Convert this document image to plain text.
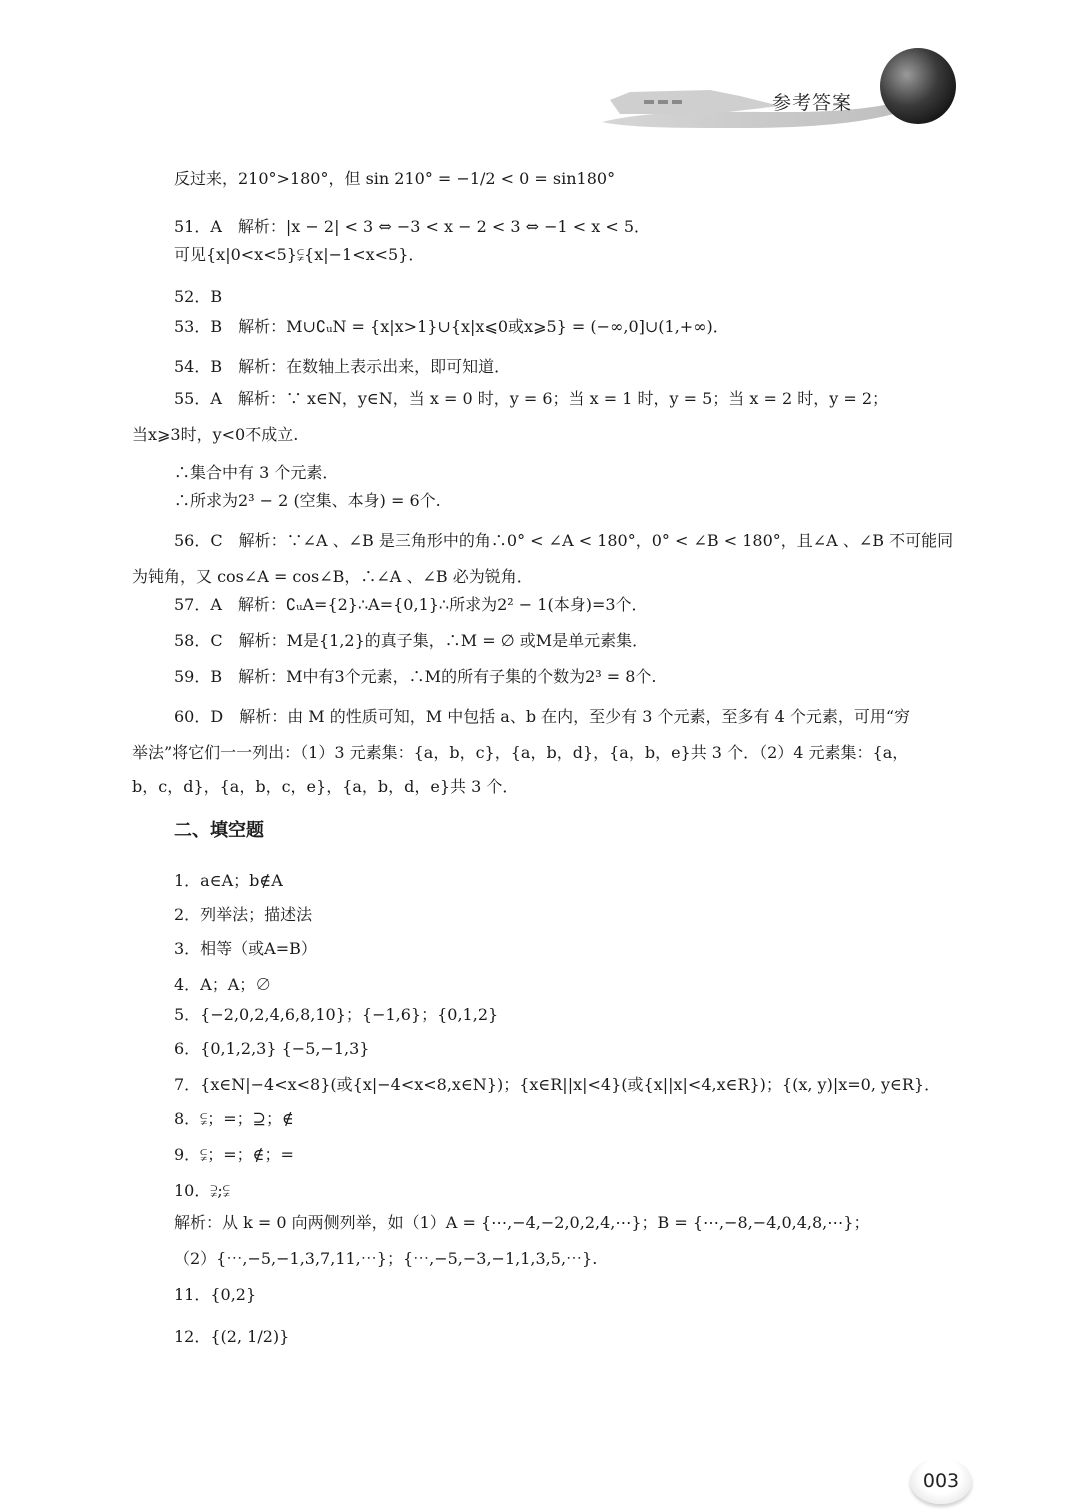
参考答案
反过来，210°>180°，但 sin 210° = −1/2 < 0 = sin180°
51．A　解析：|x − 2| < 3 ⇔ −3 < x − 2 < 3 ⇔ −1 < x < 5．
可见{x|0<x<5}⫋{x|−1<x<5}．
52．B
53．B　解析：M∪∁ᵤN = {x|x>1}∪{x|x⩽0或x⩾5} = (−∞,0]∪(1,+∞)．
54．B　解析：在数轴上表示出来，即可知道．
55．A　解析：∵ x∈N，y∈N，当 x = 0 时，y = 6；当 x = 1 时，y = 5；当 x = 2 时，y = 2；
当x⩾3时，y<0不成立.
∴集合中有 3 个元素．
∴所求为2³ − 2 (空集、本身) = 6个.
56．C　解析：∵∠A 、∠B 是三角形中的角∴0° < ∠A < 180°，0° < ∠B < 180°，且∠A 、∠B 不可能同
为钝角，又 cos∠A = cos∠B，∴∠A 、∠B 必为锐角．
57．A　解析：∁ᵤA={2}∴A={0,1}∴所求为2² − 1(本身)=3个．
58．C　解析：M是{1,2}的真子集，∴M = ∅ 或M是单元素集．
59．B　解析：M中有3个元素，∴M的所有子集的个数为2³ = 8个.
60．D　解析：由 M 的性质可知，M 中包括 a、b 在内，至少有 3 个元素，至多有 4 个元素，可用“穷
举法”将它们一一列出：（1）3 元素集：{a，b，c}，{a，b，d}，{a，b，e}共 3 个．（2）4 元素集：{a，
b，c，d}，{a，b，c，e}，{a，b，d，e}共 3 个．
二、填空题
1．a∈A；b∉A
2．列举法；描述法
3．相等（或A=B）
4．A；A；∅
5．{−2,0,2,4,6,8,10}；{−1,6}；{0,1,2}
6．{0,1,2,3} {−5,−1,3}
7．{x∈N|−4<x<8}(或{x|−4<x<8,x∈N})；{x∈R||x|<4}(或{x||x|<4,x∈R})；{(x, y)|x=0, y∈R}．
8．⫋；=；⊇；∉
9．⫋；=；∉；=
10．⫌;⫋
解析：从 k = 0 向两侧列举，如（1）A = {⋯,−4,−2,0,2,4,⋯}；B = {⋯,−8,−4,0,4,8,⋯}；
（2）{⋯,−5,−1,3,7,11,⋯}；{⋯,−5,−3,−1,1,3,5,⋯}.
11．{0,2}
12．{(2, 1/2)}
003
